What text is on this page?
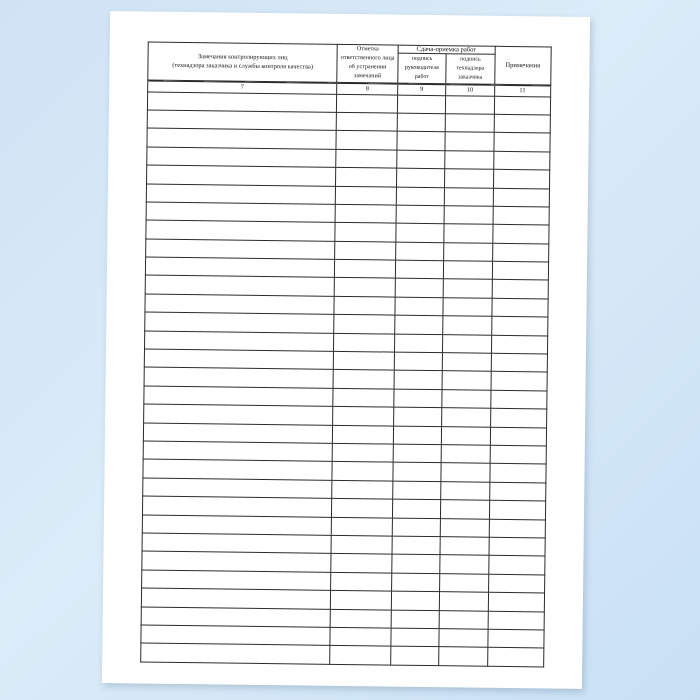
Замечания контролирующих лиц
(технадзора заказчика и службы контроля качества)	Отметка ответственного лица об устранении замечаний	Сдача-приемка работ		Примечания
		подпись руководителя работ	подпись технадзора заказчика	
7	8	9	10	11
